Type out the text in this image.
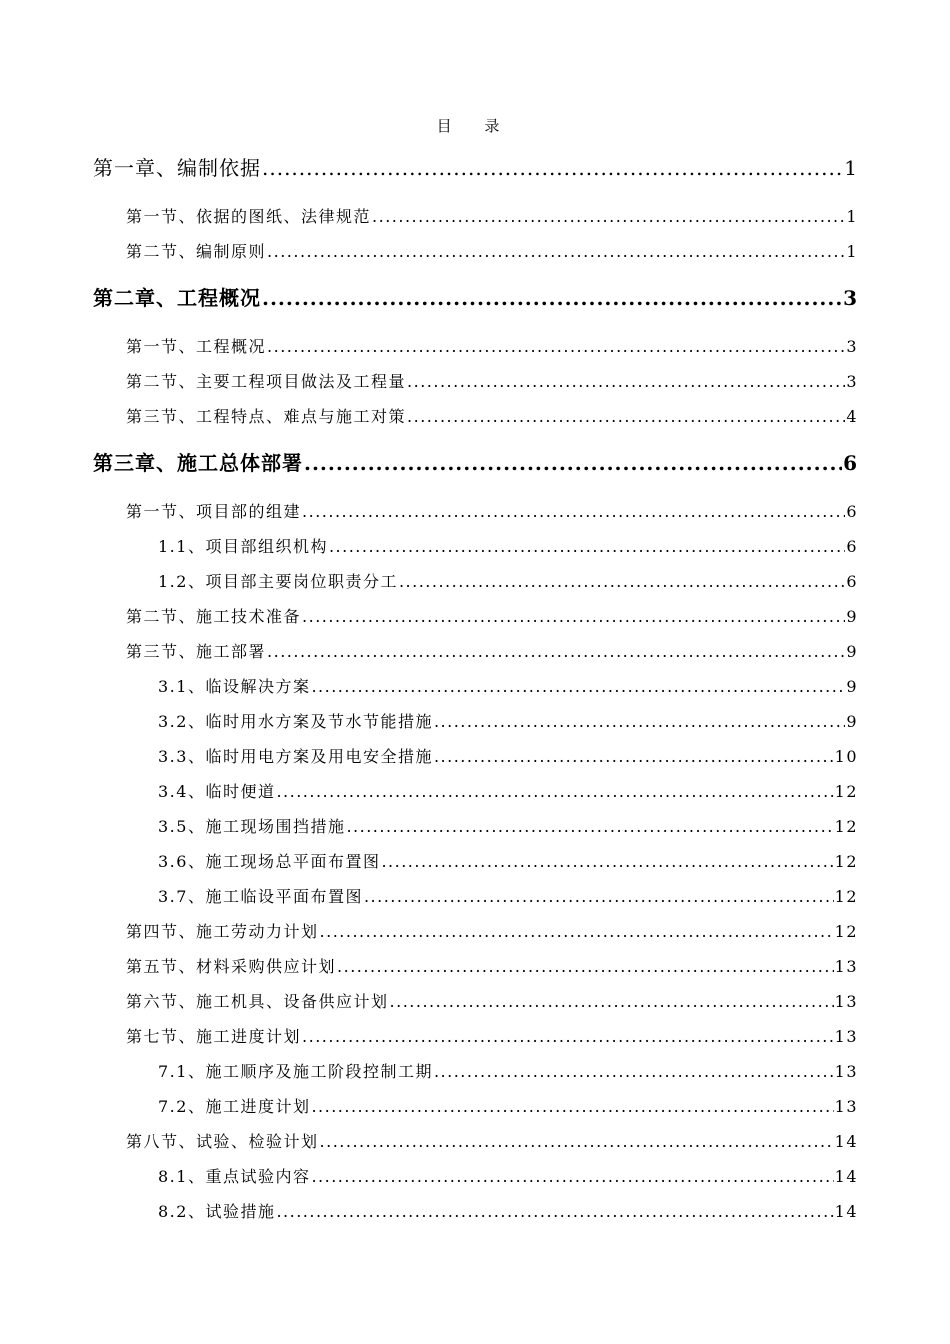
目 录
第一章、编制依据 .....	1
第一节、依据的图纸、法律规范 .....	1
第二节、编制原则 .....	1
第二章、工程概况 .....	3
第一节、工程概况 .....	3
第二节、主要工程项目做法及工程量 .....	3
第三节、工程特点、难点与施工对策 .....	4
第三章、施工总体部署 .....	6
第一节、项目部的组建 .....	6
1.1、项目部组织机构 .....	6
1.2、项目部主要岗位职责分工 .....	6
第二节、施工技术准备 .....	9
第三节、施工部署 .....	9
3.1、临设解决方案 .....	9
3.2、临时用水方案及节水节能措施 .....	9
3.3、临时用电方案及用电安全措施 .....	10
3.4、临时便道 .....	12
3.5、施工现场围挡措施 .....	12
3.6、施工现场总平面布置图 .....	12
3.7、施工临设平面布置图 .....	12
第四节、施工劳动力计划 .....	12
第五节、材料采购供应计划 .....	13
第六节、施工机具、设备供应计划 .....	13
第七节、施工进度计划 .....	13
7.1、施工顺序及施工阶段控制工期 .....	13
7.2、施工进度计划 .....	13
第八节、试验、检验计划 .....	14
8.1、重点试验内容 .....	14
8.2、试验措施 .....	14
